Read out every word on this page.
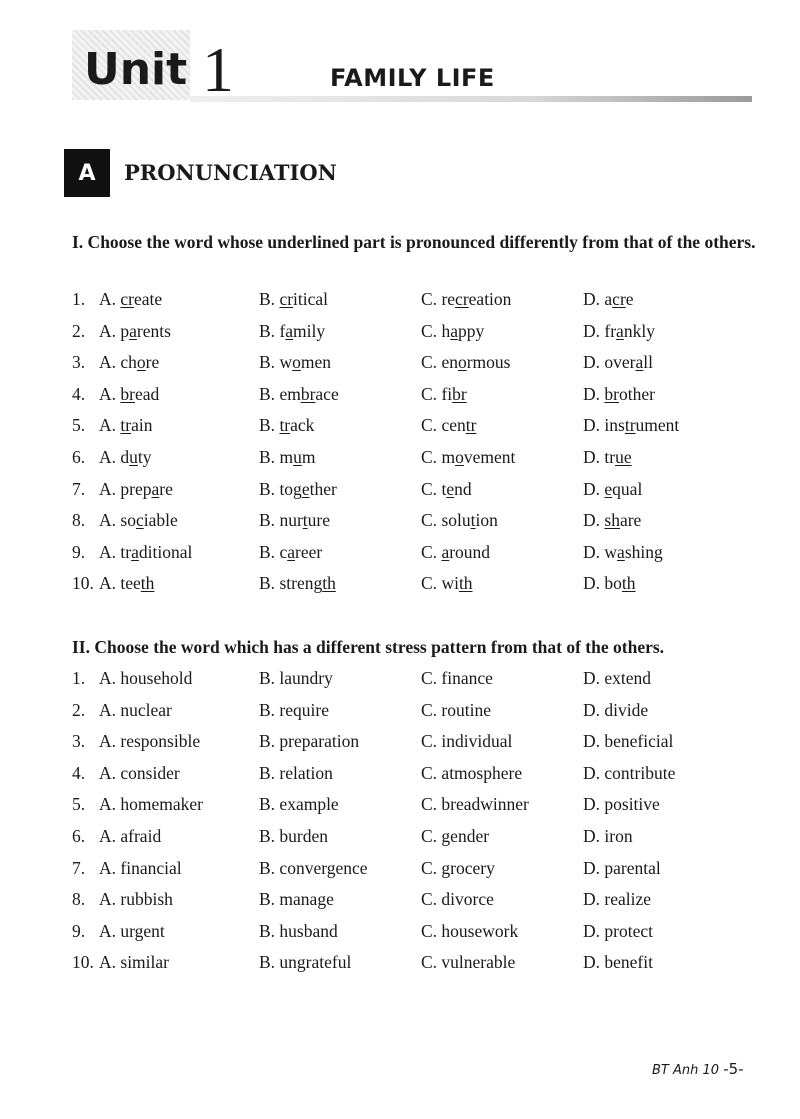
Unit 1	FAMILY LIFE
A	PRONUNCIATION
I. Choose the word whose underlined part is pronounced differently from that of the others.
1. A. create	B. critical	C. recreation	D. acre
2. A. parents	B. family	C. happy	D. frankly
3. A. chore	B. women	C. enormous	D. overall
4. A. bread	B. embrace	C. fibr	D. brother
5. A. train	B. track	C. centr	D. instrument
6. A. duty	B. mum	C. movement	D. true
7. A. prepare	B. together	C. tend	D. equal
8. A. sociable	B. nurture	C. solution	D. share
9. A. traditional	B. career	C. around	D. washing
10. A. teeth	B. strength	C. with	D. both
II. Choose the word which has a different stress pattern from that of the others.
1. A. household	B. laundry	C. finance	D. extend
2. A. nuclear	B. require	C. routine	D. divide
3. A. responsible	B. preparation	C. individual	D. beneficial
4. A. consider	B. relation	C. atmosphere	D. contribute
5. A. homemaker	B. example	C. breadwinner	D. positive
6. A. afraid	B. burden	C. gender	D. iron
7. A. financial	B. convergence	C. grocery	D. parental
8. A. rubbish	B. manage	C. divorce	D. realize
9. A. urgent	B. husband	C. housework	D. protect
10. A. similar	B. ungrateful	C. vulnerable	D. benefit
BT Anh 10 -5-
